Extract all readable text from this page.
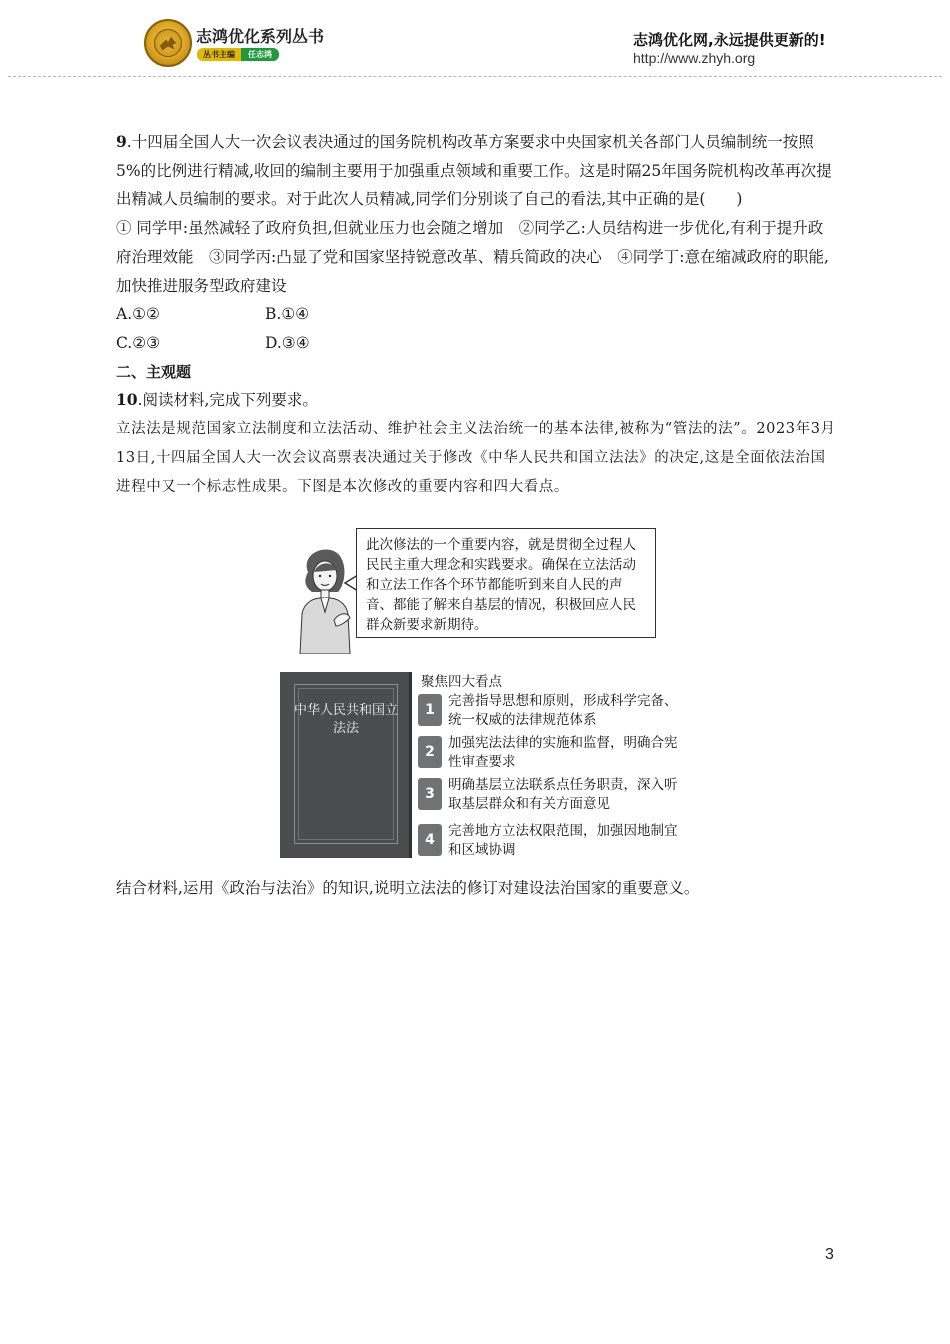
志鸿优化系列丛书
丛书主编	任志鸿
志鸿优化网,永远提供更新的!
http://www.zhyh.org

9.十四届全国人大一次会议表决通过的国务院机构改革方案要求中央国家机关各部门人员编制统一按照5%的比例进行精减,收回的编制主要用于加强重点领域和重要工作。这是时隔25年国务院机构改革再次提出精减人员编制的要求。对于此次人员精减,同学们分别谈了自己的看法,其中正确的是(　　)

① 同学甲:虽然减轻了政府负担,但就业压力也会随之增加　②同学乙:人员结构进一步优化,有利于提升政府治理效能　③同学丙:凸显了党和国家坚持锐意改革、精兵简政的决心　④同学丁:意在缩减政府的职能,加快推进服务型政府建设

A.①②	B.①④
C.②③	D.③④

二、主观题

10.阅读材料,完成下列要求。

立法法是规范国家立法制度和立法活动、维护社会主义法治统一的基本法律,被称为“管法的法”。2023年3月13日,十四届全国人大一次会议高票表决通过关于修改《中华人民共和国立法法》的决定,这是全面依法治国进程中又一个标志性成果。下图是本次修改的重要内容和四大看点。

此次修法的一个重要内容，就是贯彻全过程人民民主重大理念和实践要求。确保在立法活动和立法工作各个环节都能听到来自人民的声音、都能了解来自基层的情况，积极回应人民群众新要求新期待。
中华人民共和国立法法
聚焦四大看点
1
完善指导思想和原则，形成科学完备、统一权威的法律规范体系
2
加强宪法法律的实施和监督，明确合宪性审查要求
3
明确基层立法联系点任务职责，深入听取基层群众和有关方面意见
4
完善地方立法权限范围，加强因地制宜和区域协调
结合材料,运用《政治与法治》的知识,说明立法法的修订对建设法治国家的重要意义。
3
